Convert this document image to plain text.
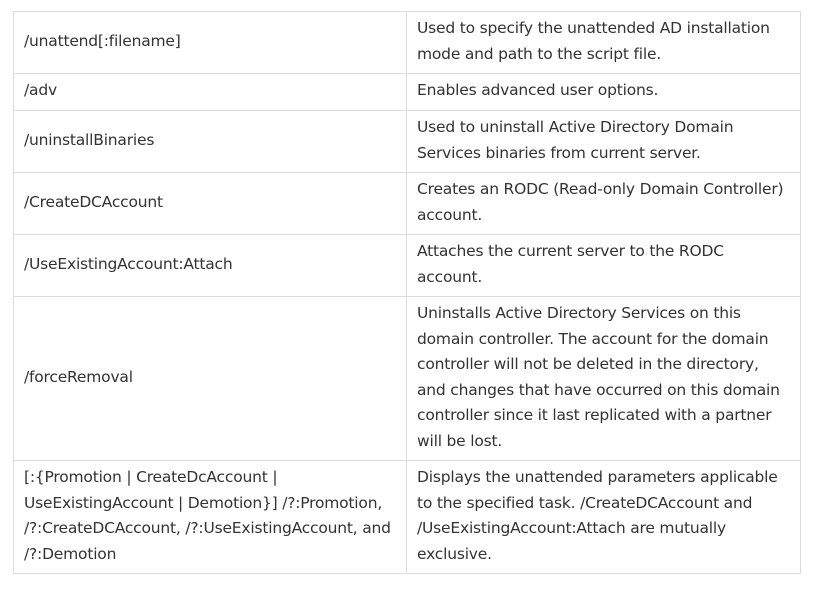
/unattend[:filename]	Used to specify the unattended AD installation mode and path to the script file.
/adv	Enables advanced user options.
/uninstallBinaries	Used to uninstall Active Directory Domain Services binaries from current server.
/CreateDCAccount	Creates an RODC (Read-only Domain Controller) account.
/UseExistingAccount:Attach	Attaches the current server to the RODC account.
/forceRemoval	Uninstalls Active Directory Services on this domain controller. The account for the domain controller will not be deleted in the directory, and changes that have occurred on this domain controller since it last replicated with a partner will be lost.
[:{Promotion | CreateDcAccount | UseExistingAccount | Demotion}] /?:Promotion, /?:CreateDCAccount, /?:UseExistingAccount, and /?:Demotion	Displays the unattended parameters applicable to the specified task. /CreateDCAccount and /UseExistingAccount:Attach are mutually exclusive.
